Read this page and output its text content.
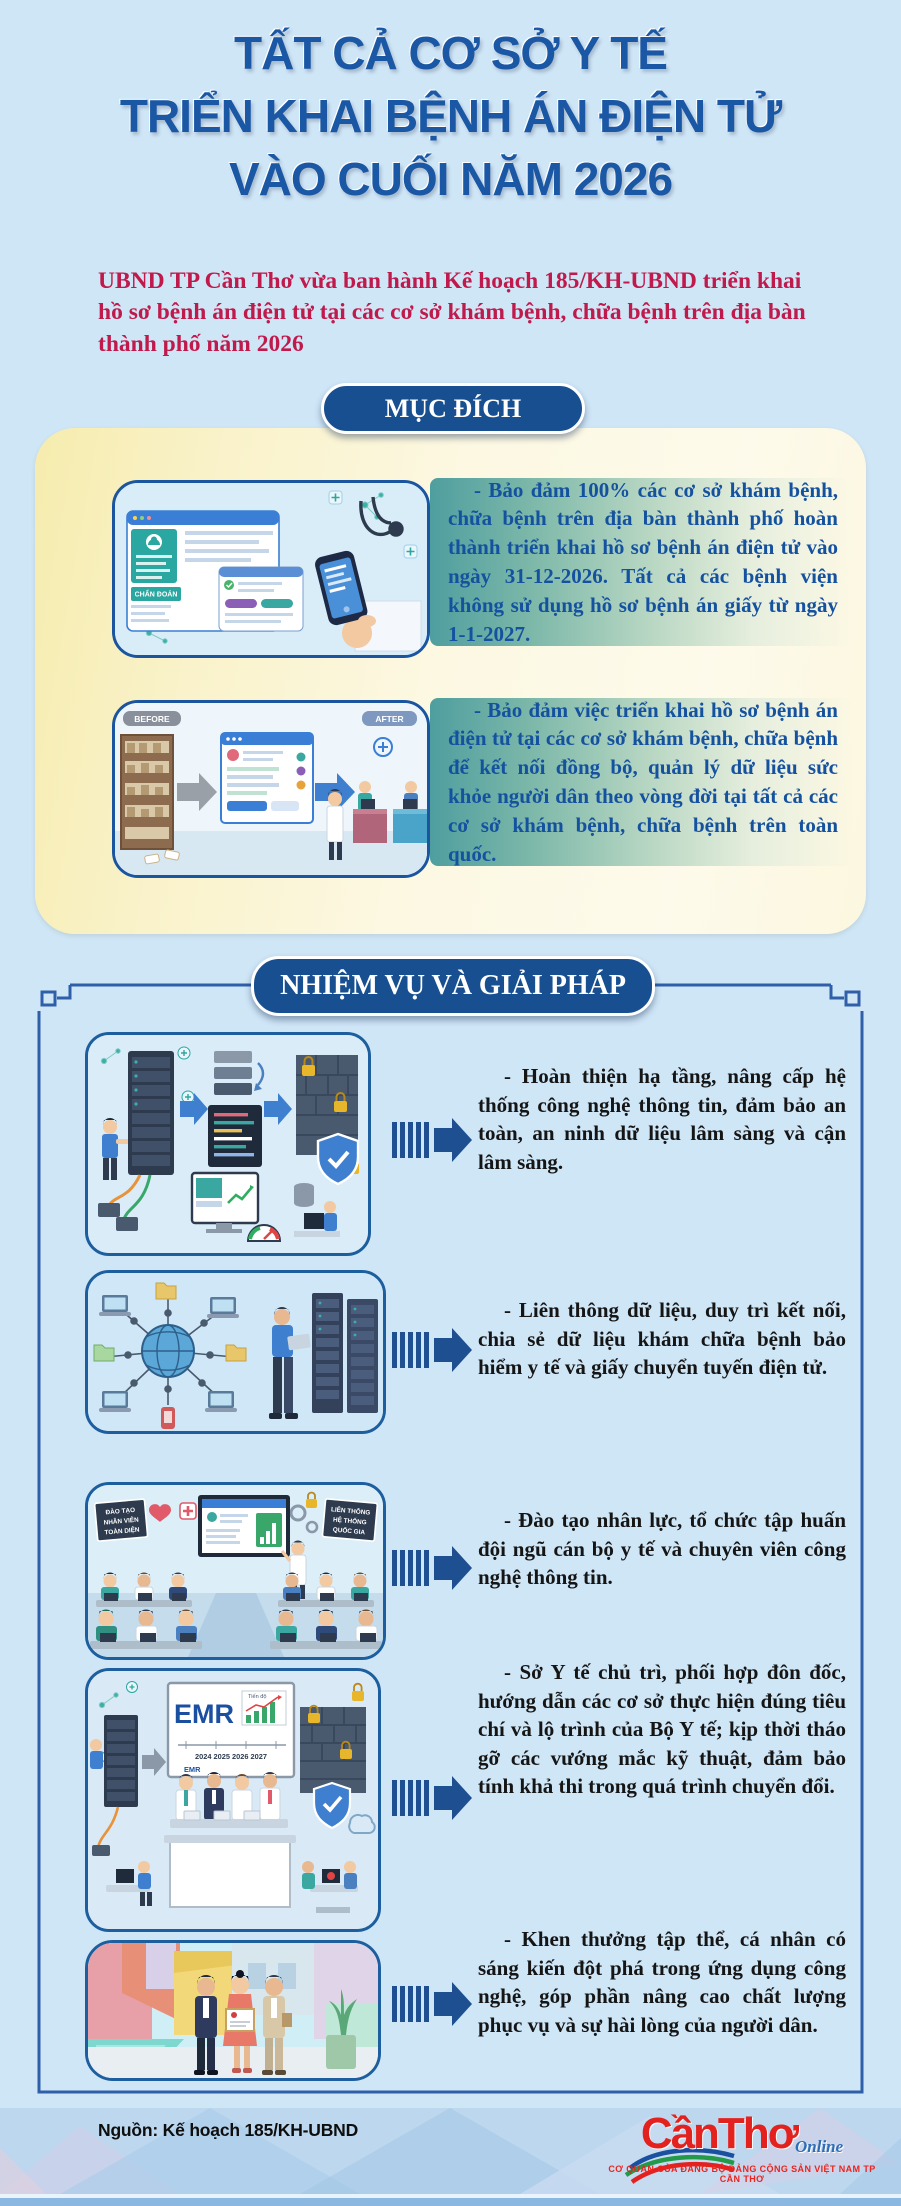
TẤT CẢ CƠ SỞ Y TẾ
TRIỂN KHAI BỆNH ÁN ĐIỆN TỬ
VÀO CUỐI NĂM 2026
UBND TP Cần Thơ vừa ban hành Kế hoạch 185/KH-UBND triển khai
hồ sơ bệnh án điện tử tại các cơ sở khám bệnh, chữa bệnh trên địa bàn
thành phố năm 2026
MỤC ĐÍCH
- Bảo đảm 100% các cơ sở khám bệnh, chữa bệnh trên địa bàn thành phố hoàn thành triển khai hồ sơ bệnh án điện tử vào ngày 31-12-2026. Tất cả các bệnh viện không sử dụng hồ sơ bệnh án giấy từ ngày 1-1-2027.
CHẨN ĐOÁN
- Bảo đảm việc triển khai hồ sơ bệnh án điện tử tại các cơ sở khám bệnh, chữa bệnh để kết nối đồng bộ, quản lý dữ liệu sức khỏe người dân theo vòng đời tại tất cả các cơ sở khám bệnh, chữa bệnh trên toàn quốc.
BEFORE	AFTER
NHIỆM VỤ VÀ GIẢI PHÁP
- Hoàn thiện hạ tầng, nâng cấp hệ thống công nghệ thông tin, đảm bảo an toàn, an ninh dữ liệu lâm sàng và cận lâm sàng.
- Liên thông dữ liệu, duy trì kết nối, chia sẻ dữ liệu khám chữa bệnh bảo hiểm y tế và giấy chuyển tuyến điện tử.
ĐÀO TẠO
NHÂN VIÊN
TOÀN DIỆN
LIÊN THÔNG
HỆ THỐNG
QUỐC GIA	- Đào tạo nhân lực, tổ chức tập huấn đội ngũ cán bộ y tế và chuyên viên công nghệ thông tin.
EMR
Tiến độ
2024 2025 2026 2027
EMR
- Sở Y tế chủ trì, phối hợp đôn đốc, hướng dẫn các cơ sở thực hiện đúng tiêu chí và lộ trình của Bộ Y tế; kịp thời tháo gỡ các vướng mắc kỹ thuật, đảm bảo tính khả thi trong quá trình chuyển đổi.
- Khen thưởng tập thể, cá nhân có sáng kiến đột phá trong ứng dụng công nghệ, góp phần nâng cao chất lượng phục vụ và sự hài lòng của người dân.
Nguồn: Kế hoạch 185/KH-UBND	CầnThơOnline
CƠ QUAN CỦA ĐẢNG BỘ ĐẢNG CỘNG SẢN VIỆT NAM TP CẦN THƠ
